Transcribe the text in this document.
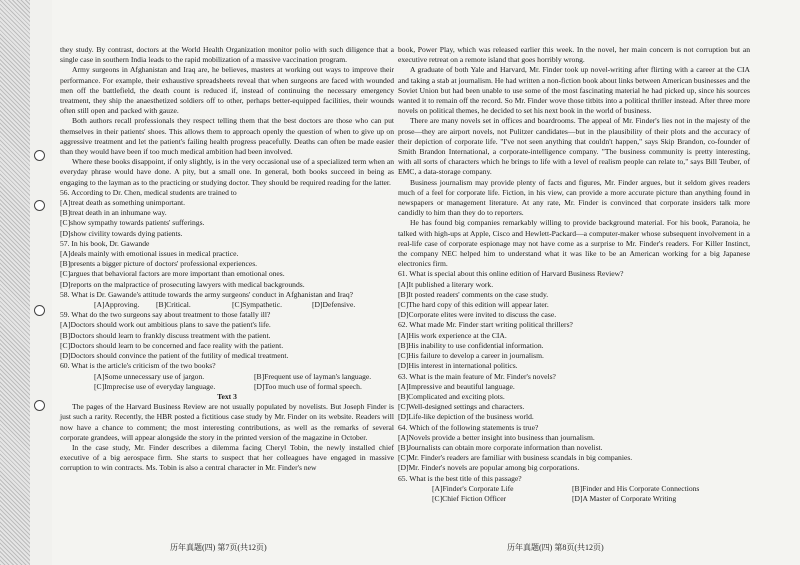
they study. By contrast, doctors at the World Health Organization monitor polio with such diligence that a single case in southern India leads to the rapid mobilization of a massive vaccination program.

Army surgeons in Afghanistan and Iraq are, he believes, masters at working out ways to improve their performance. For example, their exhaustive spreadsheets reveal that when surgeons are faced with wounded men off the battlefield, the death count is reduced if, instead of continuing the necessary emergency treatment, they ship the anaesthetized soldiers off to other, perhaps better-equipped facilities, their wounds often still open and packed with gauze.

Both authors recall professionals they respect telling them that the best doctors are those who can put themselves in their patients' shoes. This allows them to approach openly the question of when to give up on aggressive treatment and let the patient's failing health progress peacefully. Deaths can often be made easier than they would have been if too much medical ambition had been involved.

Where these books disappoint, if only slightly, is in the very occasional use of a specialized term when an everyday phrase would have done. A pity, but a small one. In general, both books succeed in being as engaging to the layman as to the practicing or studying doctor. They should be required reading for the latter.

56. According to Dr. Chen, medical students are trained to

[A]treat death as something unimportant.

[B]treat death in an inhumane way.

[C]show sympathy towards patients' sufferings.

[D]show civility towards dying patients.

57. In his book, Dr. Gawande

[A]deals mainly with emotional issues in medical practice.

[B]presents a bigger picture of doctors' professional experiences.

[C]argues that behavioral factors are more important than emotional ones.

[D]reports on the malpractice of prosecuting lawyers with medical backgrounds.

58. What is Dr. Gawande's attitude towards the army surgeons' conduct in Afghanistan and Iraq?

[A]Approving.	[B]Critical.	[C]Sympathetic.	[D]Defensive.

59. What do the two surgeons say about treatment to those fatally ill?

[A]Doctors should work out ambitious plans to save the patient's life.

[B]Doctors should learn to frankly discuss treatment with the patient.

[C]Doctors should learn to be concerned and face reality with the patient.

[D]Doctors should convince the patient of the futility of medical treatment.

60. What is the article's criticism of the two books?

[A]Some unnecessary use of jargon.	[B]Frequent use of layman's language.
[C]Imprecise use of everyday language.	[D]Too much use of formal speech.

Text 3

The pages of the Harvard Business Review are not usually populated by novelists. But Joseph Finder is just such a rarity. Recently, the HBR posted a fictitious case study by Mr. Finder on its website. Readers will now have a chance to comment; the most interesting contributions, as well as the remarks of several corporate grandees, will appear alongside the story in the printed version of the magazine in October.

In the case study, Mr. Finder describes a dilemma facing Cheryl Tobin, the newly installed chief executive of a big aerospace firm. She starts to suspect that her colleagues have engaged in massive corruption to win contracts. Ms. Tobin is also a central character in Mr. Finder's new

book, Power Play, which was released earlier this week. In the novel, her main concern is not corruption but an executive retreat on a remote island that goes horribly wrong.

A graduate of both Yale and Harvard, Mr. Finder took up novel-writing after flirting with a career at the CIA and taking a stab at journalism. He had written a non-fiction book about links between American businesses and the Soviet Union but had been unable to use some of the most fascinating material he had picked up, since his sources wanted it to remain off the record. So Mr. Finder wove those titbits into a political thriller instead. After three more novels on political themes, he decided to set his next book in the world of business.

There are many novels set in offices and boardrooms. The appeal of Mr. Finder's lies not in the majesty of the prose—they are airport novels, not Pulitzer candidates—but in the plausibility of their plots and the accuracy of their depiction of corporate life. "I've not seen anything that couldn't happen," says Skip Brandon, co-founder of Smith Brandon International, a corporate-intelligence company. "The business community is pretty interesting, with all sorts of characters which he brings to life with a level of realism people can relate to," says Bill Teuber, of EMC, a data-storage company.

Business journalism may provide plenty of facts and figures, Mr. Finder argues, but it seldom gives readers much of a feel for corporate life. Fiction, in his view, can provide a more accurate picture than anything found in newspapers or management literature. At any rate, Mr. Finder is convinced that corporate insiders talk more candidly to him than they do to reporters.

He has found big companies remarkably willing to provide background material. For his book, Paranoia, he talked with high-ups at Apple, Cisco and Hewlett-Packard—a computer-maker whose subsequent involvement in a real-life case of corporate espionage may not have come as a surprise to Mr. Finder's readers. For Killer Instinct, the company NEC helped him to understand what it was like to be an American working for a big Japanese electronics firm.

61. What is special about this online edition of Harvard Business Review?

[A]It published a literary work.

[B]It posted readers' comments on the case study.

[C]The hard copy of this edition will appear later.

[D]Corporate elites were invited to discuss the case.

62. What made Mr. Finder start writing political thrillers?

[A]His work experience at the CIA.

[B]His inability to use confidential information.

[C]His failure to develop a career in journalism.

[D]His interest in international politics.

63. What is the main feature of Mr. Finder's novels?

[A]Impressive and beautiful language.

[B]Complicated and exciting plots.

[C]Well-designed settings and characters.

[D]Life-like depiction of the business world.

64. Which of the following statements is true?

[A]Novels provide a better insight into business than journalism.

[B]Journalists can obtain more corporate information than novelist.

[C]Mr. Finder's readers are familiar with business scandals in big companies.

[D]Mr. Finder's novels are popular among big corporations.

65. What is the best title of this passage?

[A]Finder's Corporate Life	[B]Finder and His Corporate Connections
[C]Chief Fiction Officer	[D]A Master of Corporate Writing
历年真题(四) 第7页(共12页)	历年真题(四) 第8页(共12页)
